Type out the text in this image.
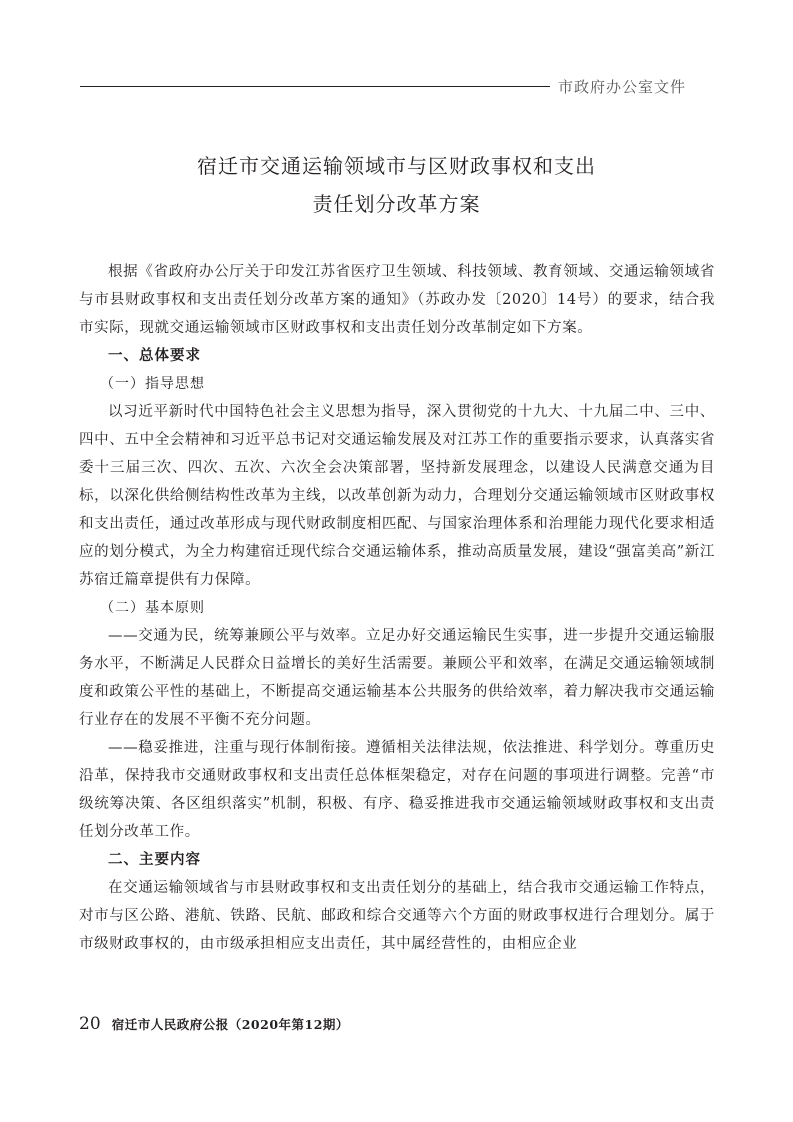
市政府办公室文件
宿迁市交通运输领域市与区财政事权和支出
责任划分改革方案

根据《省政府办公厅关于印发江苏省医疗卫生领域、科技领域、教育领域、交通运输领域省与市县财政事权和支出责任划分改革方案的通知》（苏政办发〔2020〕14号）的要求，结合我市实际，现就交通运输领域市区财政事权和支出责任划分改革制定如下方案。

一、总体要求

（一）指导思想

以习近平新时代中国特色社会主义思想为指导，深入贯彻党的十九大、十九届二中、三中、四中、五中全会精神和习近平总书记对交通运输发展及对江苏工作的重要指示要求，认真落实省委十三届三次、四次、五次、六次全会决策部署，坚持新发展理念，以建设人民满意交通为目标，以深化供给侧结构性改革为主线，以改革创新为动力，合理划分交通运输领域市区财政事权和支出责任，通过改革形成与现代财政制度相匹配、与国家治理体系和治理能力现代化要求相适应的划分模式，为全力构建宿迁现代综合交通运输体系，推动高质量发展，建设“强富美高”新江苏宿迁篇章提供有力保障。

（二）基本原则

——交通为民，统筹兼顾公平与效率。立足办好交通运输民生实事，进一步提升交通运输服务水平，不断满足人民群众日益增长的美好生活需要。兼顾公平和效率，在满足交通运输领域制度和政策公平性的基础上，不断提高交通运输基本公共服务的供给效率，着力解决我市交通运输行业存在的发展不平衡不充分问题。

——稳妥推进，注重与现行体制衔接。遵循相关法律法规，依法推进、科学划分。尊重历史沿革，保持我市交通财政事权和支出责任总体框架稳定，对存在问题的事项进行调整。完善“市级统筹决策、各区组织落实”机制，积极、有序、稳妥推进我市交通运输领域财政事权和支出责任划分改革工作。

二、主要内容

在交通运输领域省与市县财政事权和支出责任划分的基础上，结合我市交通运输工作特点，对市与区公路、港航、铁路、民航、邮政和综合交通等六个方面的财政事权进行合理划分。属于市级财政事权的，由市级承担相应支出责任，其中属经营性的，由相应企业

20 宿迁市人民政府公报（2020年第12期）
